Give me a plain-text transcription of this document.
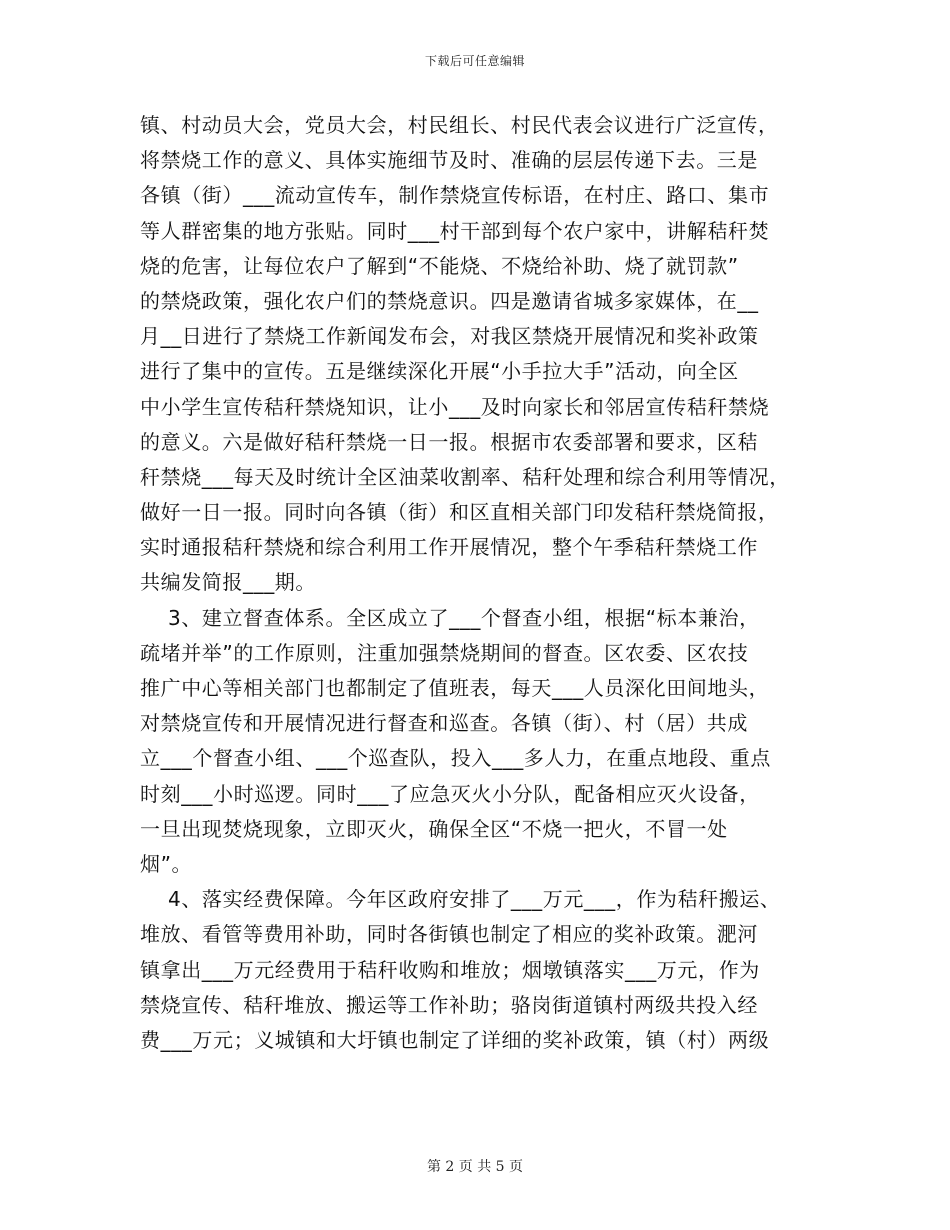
下载后可任意编辑
镇、村动员大会，党员大会，村民组长、村民代表会议进行广泛宣传，
将禁烧工作的意义、具体实施细节及时、准确的层层传递下去。三是
各镇（街）___流动宣传车，制作禁烧宣传标语，在村庄、路口、集市
等人群密集的地方张贴。同时___村干部到每个农户家中，讲解秸秆焚
烧的危害，让每位农户了解到“不能烧、不烧给补助、烧了就罚款”
的禁烧政策，强化农户们的禁烧意识。四是邀请省城多家媒体，在__
月__日进行了禁烧工作新闻发布会，对我区禁烧开展情况和奖补政策
进行了集中的宣传。五是继续深化开展“小手拉大手”活动，向全区
中小学生宣传秸秆禁烧知识，让小___及时向家长和邻居宣传秸秆禁烧
的意义。六是做好秸秆禁烧一日一报。根据市农委部署和要求，区秸
秆禁烧___每天及时统计全区油菜收割率、秸秆处理和综合利用等情况，
做好一日一报。同时向各镇（街）和区直相关部门印发秸秆禁烧简报，
实时通报秸秆禁烧和综合利用工作开展情况，整个午季秸秆禁烧工作
共编发简报___期。
3、建立督查体系。全区成立了___个督查小组，根据“标本兼治，
疏堵并举”的工作原则，注重加强禁烧期间的督查。区农委、区农技
推广中心等相关部门也都制定了值班表，每天___人员深化田间地头，
对禁烧宣传和开展情况进行督查和巡查。各镇（街）、村（居）共成
立___个督查小组、___个巡查队，投入___多人力，在重点地段、重点
时刻___小时巡逻。同时___了应急灭火小分队，配备相应灭火设备，
一旦出现焚烧现象，立即灭火，确保全区“不烧一把火，不冒一处
烟”。
4、落实经费保障。今年区政府安排了___万元___，作为秸秆搬运、
堆放、看管等费用补助，同时各街镇也制定了相应的奖补政策。淝河
镇拿出___万元经费用于秸秆收购和堆放；烟墩镇落实___万元，作为
禁烧宣传、秸秆堆放、搬运等工作补助；骆岗街道镇村两级共投入经
费___万元；义城镇和大圩镇也制定了详细的奖补政策，镇（村）两级
第 2 页 共 5 页
